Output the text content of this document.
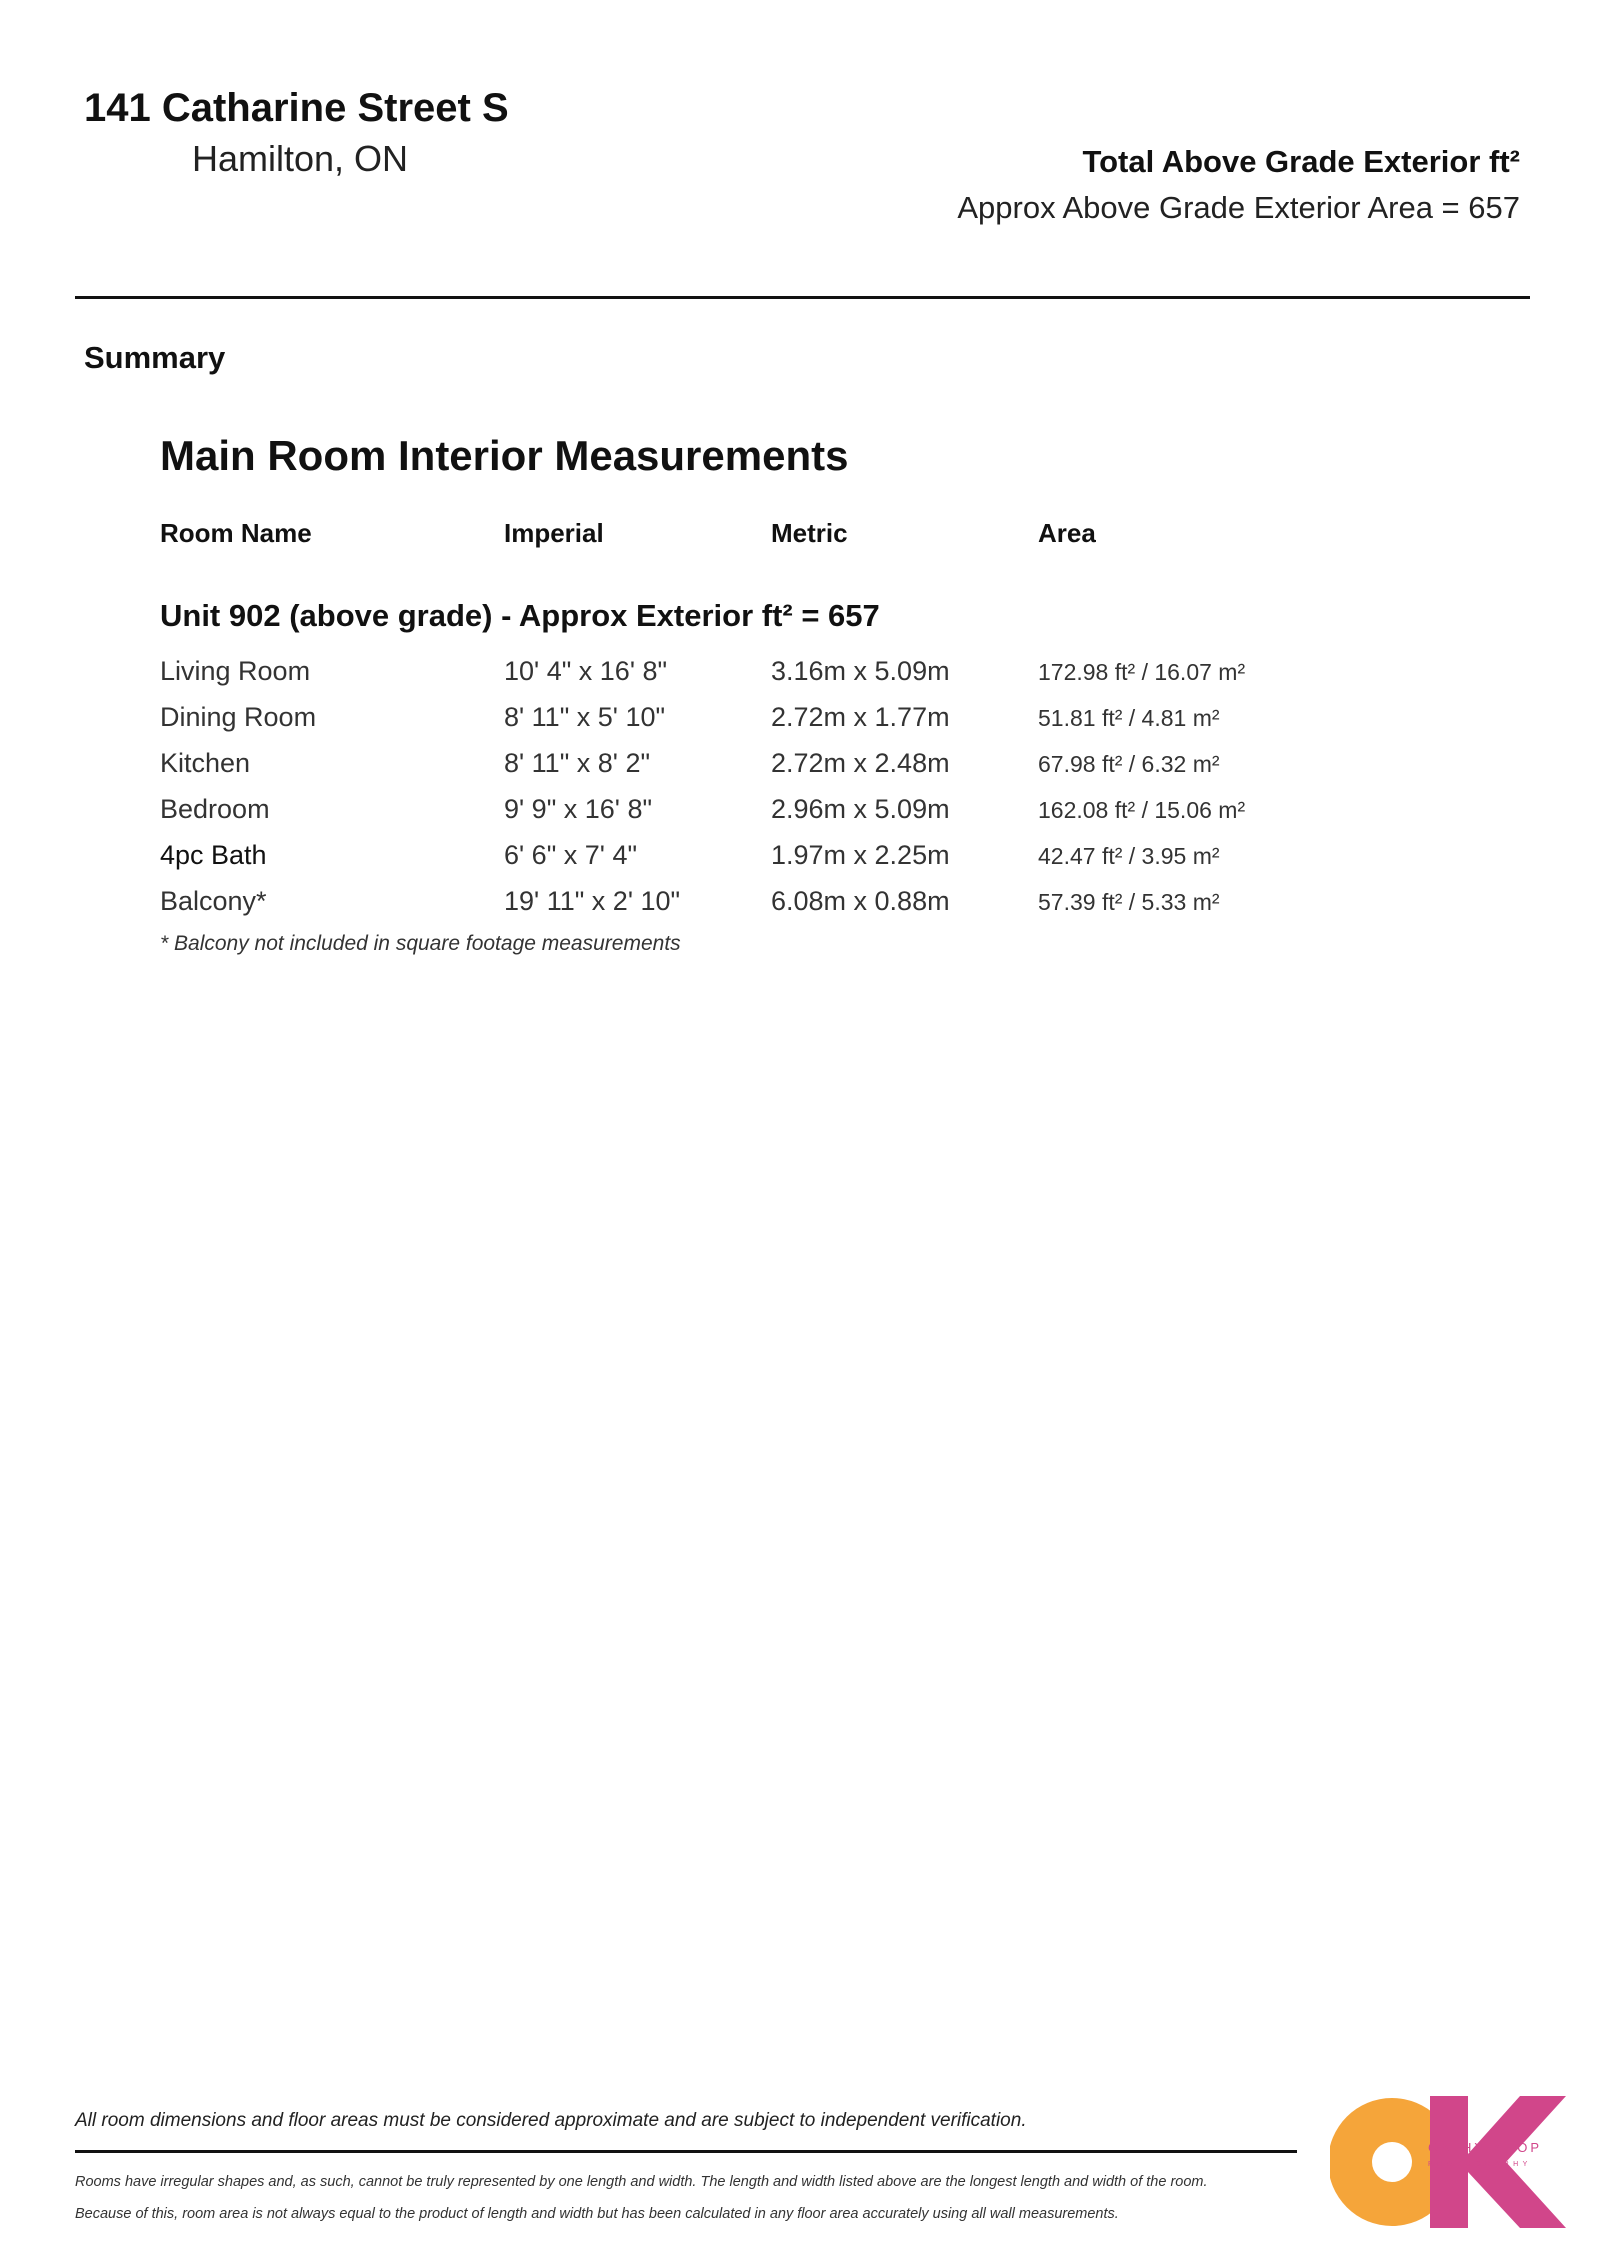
141 Catharine Street S
Hamilton, ON	Total Above Grade Exterior ft²
Approx Above Grade Exterior Area = 657
Summary
Main Room Interior Measurements
Room Name	Imperial	Metric	Area
Unit 902 (above grade) - Approx Exterior ft² = 657
Living Room	10' 4" x 16' 8"	3.16m x 5.09m	172.98 ft² / 16.07 m²
Dining Room	8' 11" x 5' 10"	2.72m x 1.77m	51.81 ft² / 4.81 m²
Kitchen	8' 11" x 8' 2"	2.72m x 2.48m	67.98 ft² / 6.32 m²
Bedroom	9' 9" x 16' 8"	2.96m x 5.09m	162.08 ft² / 15.06 m²
4pc Bath	6' 6" x 7' 4"	1.97m x 2.25m	42.47 ft² / 3.95 m²
Balcony*	19' 11" x 2' 10"	6.08m x 0.88m	57.39 ft² / 5.33 m²
* Balcony not included in square footage measurements
All room dimensions and floor areas must be considered approximate and are subject to independent verification.
Rooms have irregular shapes and, as such, cannot be truly represented by one length and width. The length and width listed above are the longest length and width of the room.
Because of this, room area is not always equal to the product of length and width but has been calculated in any floor area accurately using all wall measurements.
CATHY KOOP
PHOTOGRAPHY
